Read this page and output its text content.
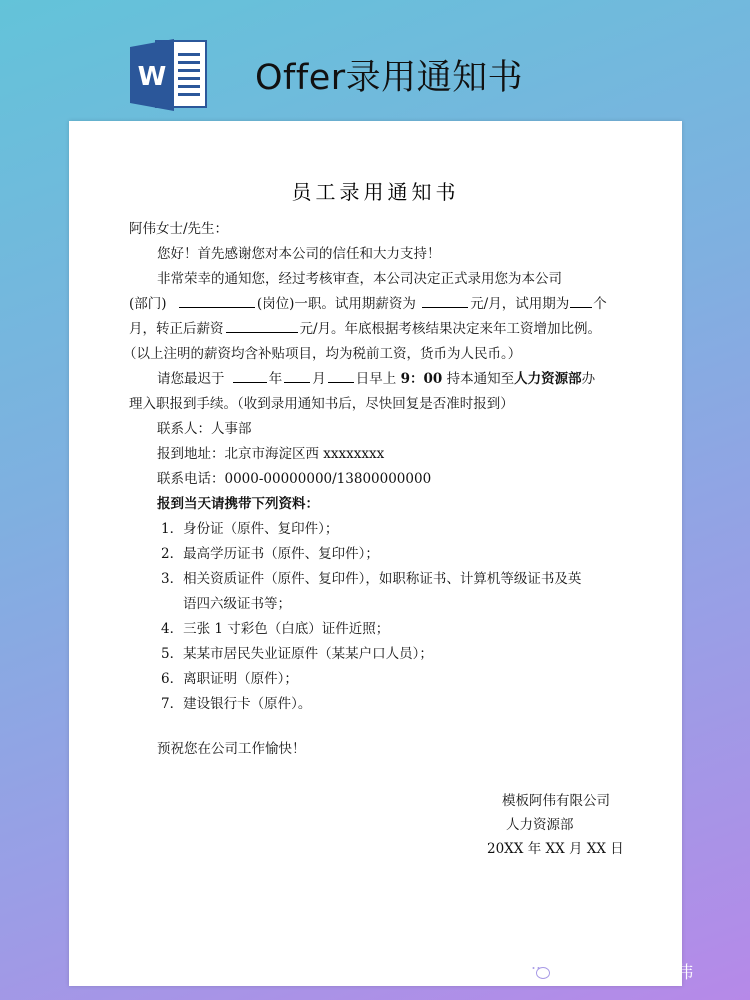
W	Offer录用通知书
员工录用通知书
阿伟女士/先生：
您好！首先感谢您对本公司的信任和大力支持！
非常荣幸的通知您，经过考核审查，本公司决定正式录用您为本公司
(部门)	(岗位)一职。试用期薪资为	元/月，试用期为 个
月，转正后薪资	元/月。年底根据考核结果决定来年工资增加比例。
（以上注明的薪资均含补贴项目，均为税前工资，货币为人民币。）
请您最迟于	年 月 日早上 9：00 持本通知至人力资源部办
理入职报到手续。（收到录用通知书后，尽快回复是否准时报到）
联系人：人事部
报到地址：北京市海淀区西 xxxxxxxx
联系电话：0000-00000000/13800000000
报到当天请携带下列资料：
1．身份证（原件、复印件）；
2．最高学历证书（原件、复印件）；
3．相关资质证件（原件、复印件），如职称证书、计算机等级证书及英
语四六级证书等；
4．三张 1 寸彩色（白底）证件近照；
5．某某市居民失业证原件（某某户口人员）；
6．离职证明（原件）；
7．建设银行卡（原件）。
预祝您在公司工作愉快！
模板阿伟有限公司
人力资源部
20XX 年 XX 月 XX 日
公众号 · 模板阿伟
